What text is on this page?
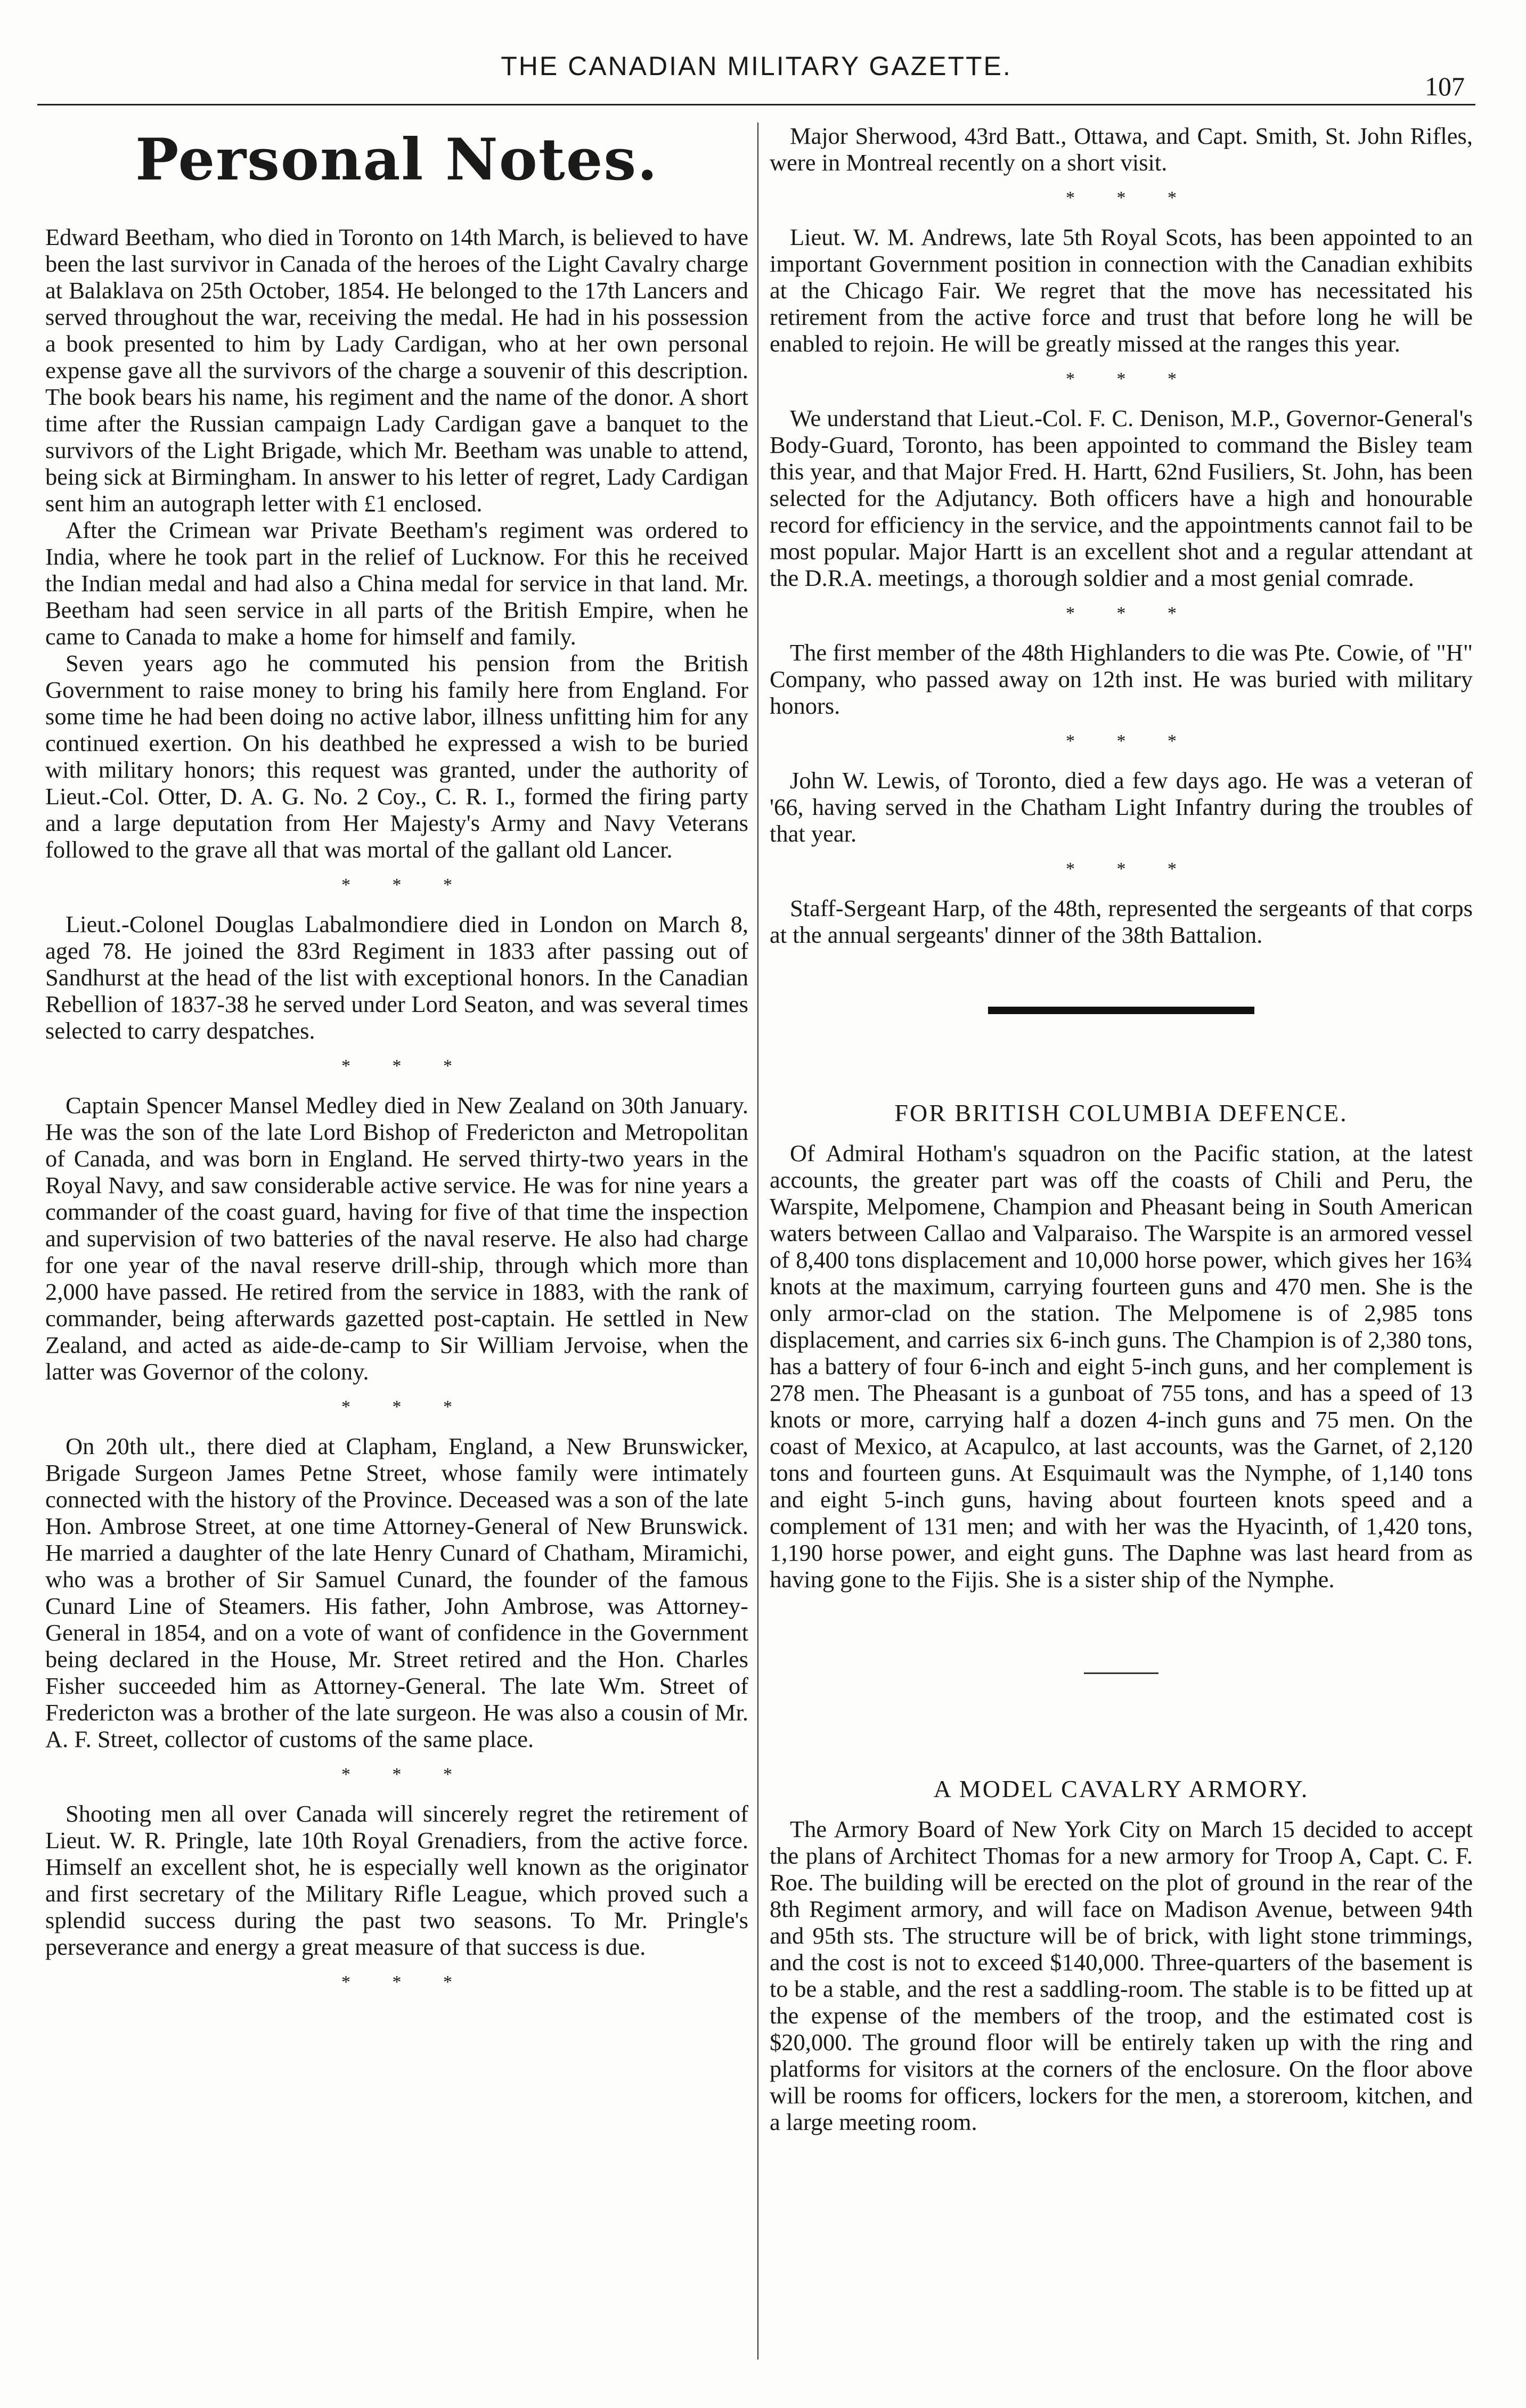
THE CANADIAN MILITARY GAZETTE.
107
Personal Notes.

Edward Beetham, who died in Toronto on 14th March, is believed to have been the last survivor in Canada of the heroes of the Light Cavalry charge at Balaklava on 25th October, 1854. He belonged to the 17th Lancers and served throughout the war, receiving the medal. He had in his possession a book presented to him by Lady Cardigan, who at her own personal expense gave all the survivors of the charge a souvenir of this description. The book bears his name, his regiment and the name of the donor. A short time after the Russian campaign Lady Cardigan gave a banquet to the survivors of the Light Brigade, which Mr. Beetham was unable to attend, being sick at Birmingham. In answer to his letter of regret, Lady Cardigan sent him an autograph letter with £1 enclosed.

After the Crimean war Private Beetham's regiment was ordered to India, where he took part in the relief of Lucknow. For this he received the Indian medal and had also a China medal for service in that land. Mr. Beetham had seen service in all parts of the British Empire, when he came to Canada to make a home for himself and family.

Seven years ago he commuted his pension from the British Government to raise money to bring his family here from England. For some time he had been doing no active labor, illness unfitting him for any continued exertion. On his deathbed he expressed a wish to be buried with military honors; this request was granted, under the authority of Lieut.-Col. Otter, D. A. G. No. 2 Coy., C. R. I., formed the firing party and a large deputation from Her Majesty's Army and Navy Veterans followed to the grave all that was mortal of the gallant old Lancer.

* * *

Lieut.-Colonel Douglas Labalmondiere died in London on March 8, aged 78. He joined the 83rd Regiment in 1833 after passing out of Sandhurst at the head of the list with exceptional honors. In the Canadian Rebellion of 1837-38 he served under Lord Seaton, and was several times selected to carry despatches.

* * *

Captain Spencer Mansel Medley died in New Zealand on 30th January. He was the son of the late Lord Bishop of Fredericton and Metropolitan of Canada, and was born in England. He served thirty-two years in the Royal Navy, and saw considerable active service. He was for nine years a commander of the coast guard, having for five of that time the inspection and supervision of two batteries of the naval reserve. He also had charge for one year of the naval reserve drill-ship, through which more than 2,000 have passed. He retired from the service in 1883, with the rank of commander, being afterwards gazetted post-captain. He settled in New Zealand, and acted as aide-de-camp to Sir William Jervoise, when the latter was Governor of the colony.

* * *

On 20th ult., there died at Clapham, England, a New Brunswicker, Brigade Surgeon James Petne Street, whose family were intimately connected with the history of the Province. Deceased was a son of the late Hon. Ambrose Street, at one time Attorney-General of New Brunswick. He married a daughter of the late Henry Cunard of Chatham, Miramichi, who was a brother of Sir Samuel Cunard, the founder of the famous Cunard Line of Steamers. His father, John Ambrose, was Attorney-General in 1854, and on a vote of want of confidence in the Government being declared in the House, Mr. Street retired and the Hon. Charles Fisher succeeded him as Attorney-General. The late Wm. Street of Fredericton was a brother of the late surgeon. He was also a cousin of Mr. A. F. Street, collector of customs of the same place.

* * *

Shooting men all over Canada will sincerely regret the retirement of Lieut. W. R. Pringle, late 10th Royal Grenadiers, from the active force. Himself an excellent shot, he is especially well known as the originator and first secretary of the Military Rifle League, which proved such a splendid success during the past two seasons. To Mr. Pringle's perseverance and energy a great measure of that success is due.

* * *

Major Sherwood, 43rd Batt., Ottawa, and Capt. Smith, St. John Rifles, were in Montreal recently on a short visit.

* * *

Lieut. W. M. Andrews, late 5th Royal Scots, has been appointed to an important Government position in connection with the Canadian exhibits at the Chicago Fair. We regret that the move has necessitated his retirement from the active force and trust that before long he will be enabled to rejoin. He will be greatly missed at the ranges this year.

* * *

We understand that Lieut.-Col. F. C. Denison, M.P., Governor-General's Body-Guard, Toronto, has been appointed to command the Bisley team this year, and that Major Fred. H. Hartt, 62nd Fusiliers, St. John, has been selected for the Adjutancy. Both officers have a high and honourable record for efficiency in the service, and the appointments cannot fail to be most popular. Major Hartt is an excellent shot and a regular attendant at the D.R.A. meetings, a thorough soldier and a most genial comrade.

* * *

The first member of the 48th Highlanders to die was Pte. Cowie, of "H" Company, who passed away on 12th inst. He was buried with military honors.

* * *

John W. Lewis, of Toronto, died a few days ago. He was a veteran of '66, having served in the Chatham Light Infantry during the troubles of that year.

* * *

Staff-Sergeant Harp, of the 48th, represented the sergeants of that corps at the annual sergeants' dinner of the 38th Battalion.

FOR BRITISH COLUMBIA DEFENCE.

Of Admiral Hotham's squadron on the Pacific station, at the latest accounts, the greater part was off the coasts of Chili and Peru, the Warspite, Melpomene, Champion and Pheasant being in South American waters between Callao and Valparaiso. The Warspite is an armored vessel of 8,400 tons displacement and 10,000 horse power, which gives her 16¾ knots at the maximum, carrying fourteen guns and 470 men. She is the only armor-clad on the station. The Melpomene is of 2,985 tons displacement, and carries six 6-inch guns. The Champion is of 2,380 tons, has a battery of four 6-inch and eight 5-inch guns, and her complement is 278 men. The Pheasant is a gunboat of 755 tons, and has a speed of 13 knots or more, carrying half a dozen 4-inch guns and 75 men. On the coast of Mexico, at Acapulco, at last accounts, was the Garnet, of 2,120 tons and fourteen guns. At Esquimault was the Nymphe, of 1,140 tons and eight 5-inch guns, having about fourteen knots speed and a complement of 131 men; and with her was the Hyacinth, of 1,420 tons, 1,190 horse power, and eight guns. The Daphne was last heard from as having gone to the Fijis. She is a sister ship of the Nymphe.

A MODEL CAVALRY ARMORY.

The Armory Board of New York City on March 15 decided to accept the plans of Architect Thomas for a new armory for Troop A, Capt. C. F. Roe. The building will be erected on the plot of ground in the rear of the 8th Regiment armory, and will face on Madison Avenue, between 94th and 95th sts. The structure will be of brick, with light stone trimmings, and the cost is not to exceed $140,000. Three-quarters of the basement is to be a stable, and the rest a saddling-room. The stable is to be fitted up at the expense of the members of the troop, and the estimated cost is $20,000. The ground floor will be entirely taken up with the ring and platforms for visitors at the corners of the enclosure. On the floor above will be rooms for officers, lockers for the men, a storeroom, kitchen, and a large meeting room.
